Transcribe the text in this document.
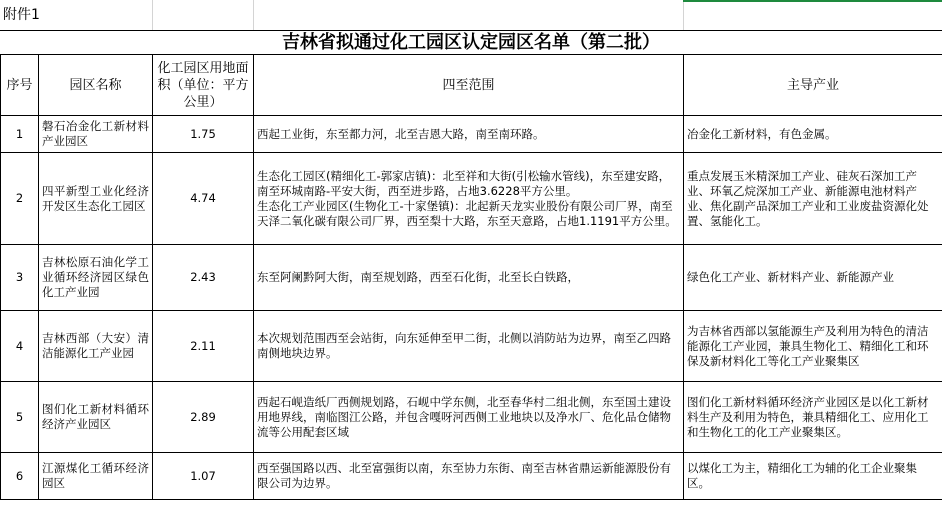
附件1
吉林省拟通过化工园区认定园区名单（第二批）
序号	园区名称	化工园区用地面积（单位：平方公里）	四至范围	主导产业
1	磐石冶金化工新材料产业园区	1.75	西起工业街，东至都力河，北至吉恩大路，南至南环路。	冶金化工新材料，有色金属。
2	四平新型工业化经济开发区生态化工园区	4.74	生态化工园区(精细化工-郭家店镇)：北至祥和大街(引松输水管线)，东至建安路，南至环城南路-平安大街，西至进步路，占地3.6228平方公里。
生态化工产业园区(生物化工-十家堡镇)：北起新天龙实业股份有限公司厂界，南至天泽二氧化碳有限公司厂界，西至梨十大路，东至天意路，占地1.1191平方公里。	重点发展玉米精深加工产业、硅灰石深加工产业、环氧乙烷深加工产业、新能源电池材料产业、焦化副产品深加工产业和工业废盐资源化处置、氢能化工。
3	吉林松原石油化学工业循环经济园区绿色化工产业园	2.43	东至阿阑黔阿大街，南至规划路，西至石化街，北至长白铁路，	绿色化工产业、新材料产业、新能源产业
4	吉林西部（大安）清洁能源化工产业园	2.11	本次规划范围西至会站街，向东延伸至甲二街，北侧以消防站为边界，南至乙四路南侧地块边界。	为吉林省西部以氢能源生产及利用为特色的清洁能源化工产业园，兼具生物化工、精细化工和环保及新材料化工等化工产业聚集区
5	图们化工新材料循环经济产业园区	2.89	西起石岘造纸厂西侧规划路，石岘中学东侧，北至春华村二组北侧，东至国土建设用地界线，南临图江公路，并包含嘎呀河西侧工业地块以及净水厂、危化品仓储物流等公用配套区域	图们化工新材料循环经济产业园区是以化工新材料生产及利用为特色，兼具精细化工、应用化工和生物化工的化工产业聚集区。
6	江源煤化工循环经济园区	1.07	西至强国路以西、北至富强街以南，东至协力东街、南至吉林省鼎运新能源股份有限公司为边界。	以煤化工为主，精细化工为辅的化工企业聚集区。
